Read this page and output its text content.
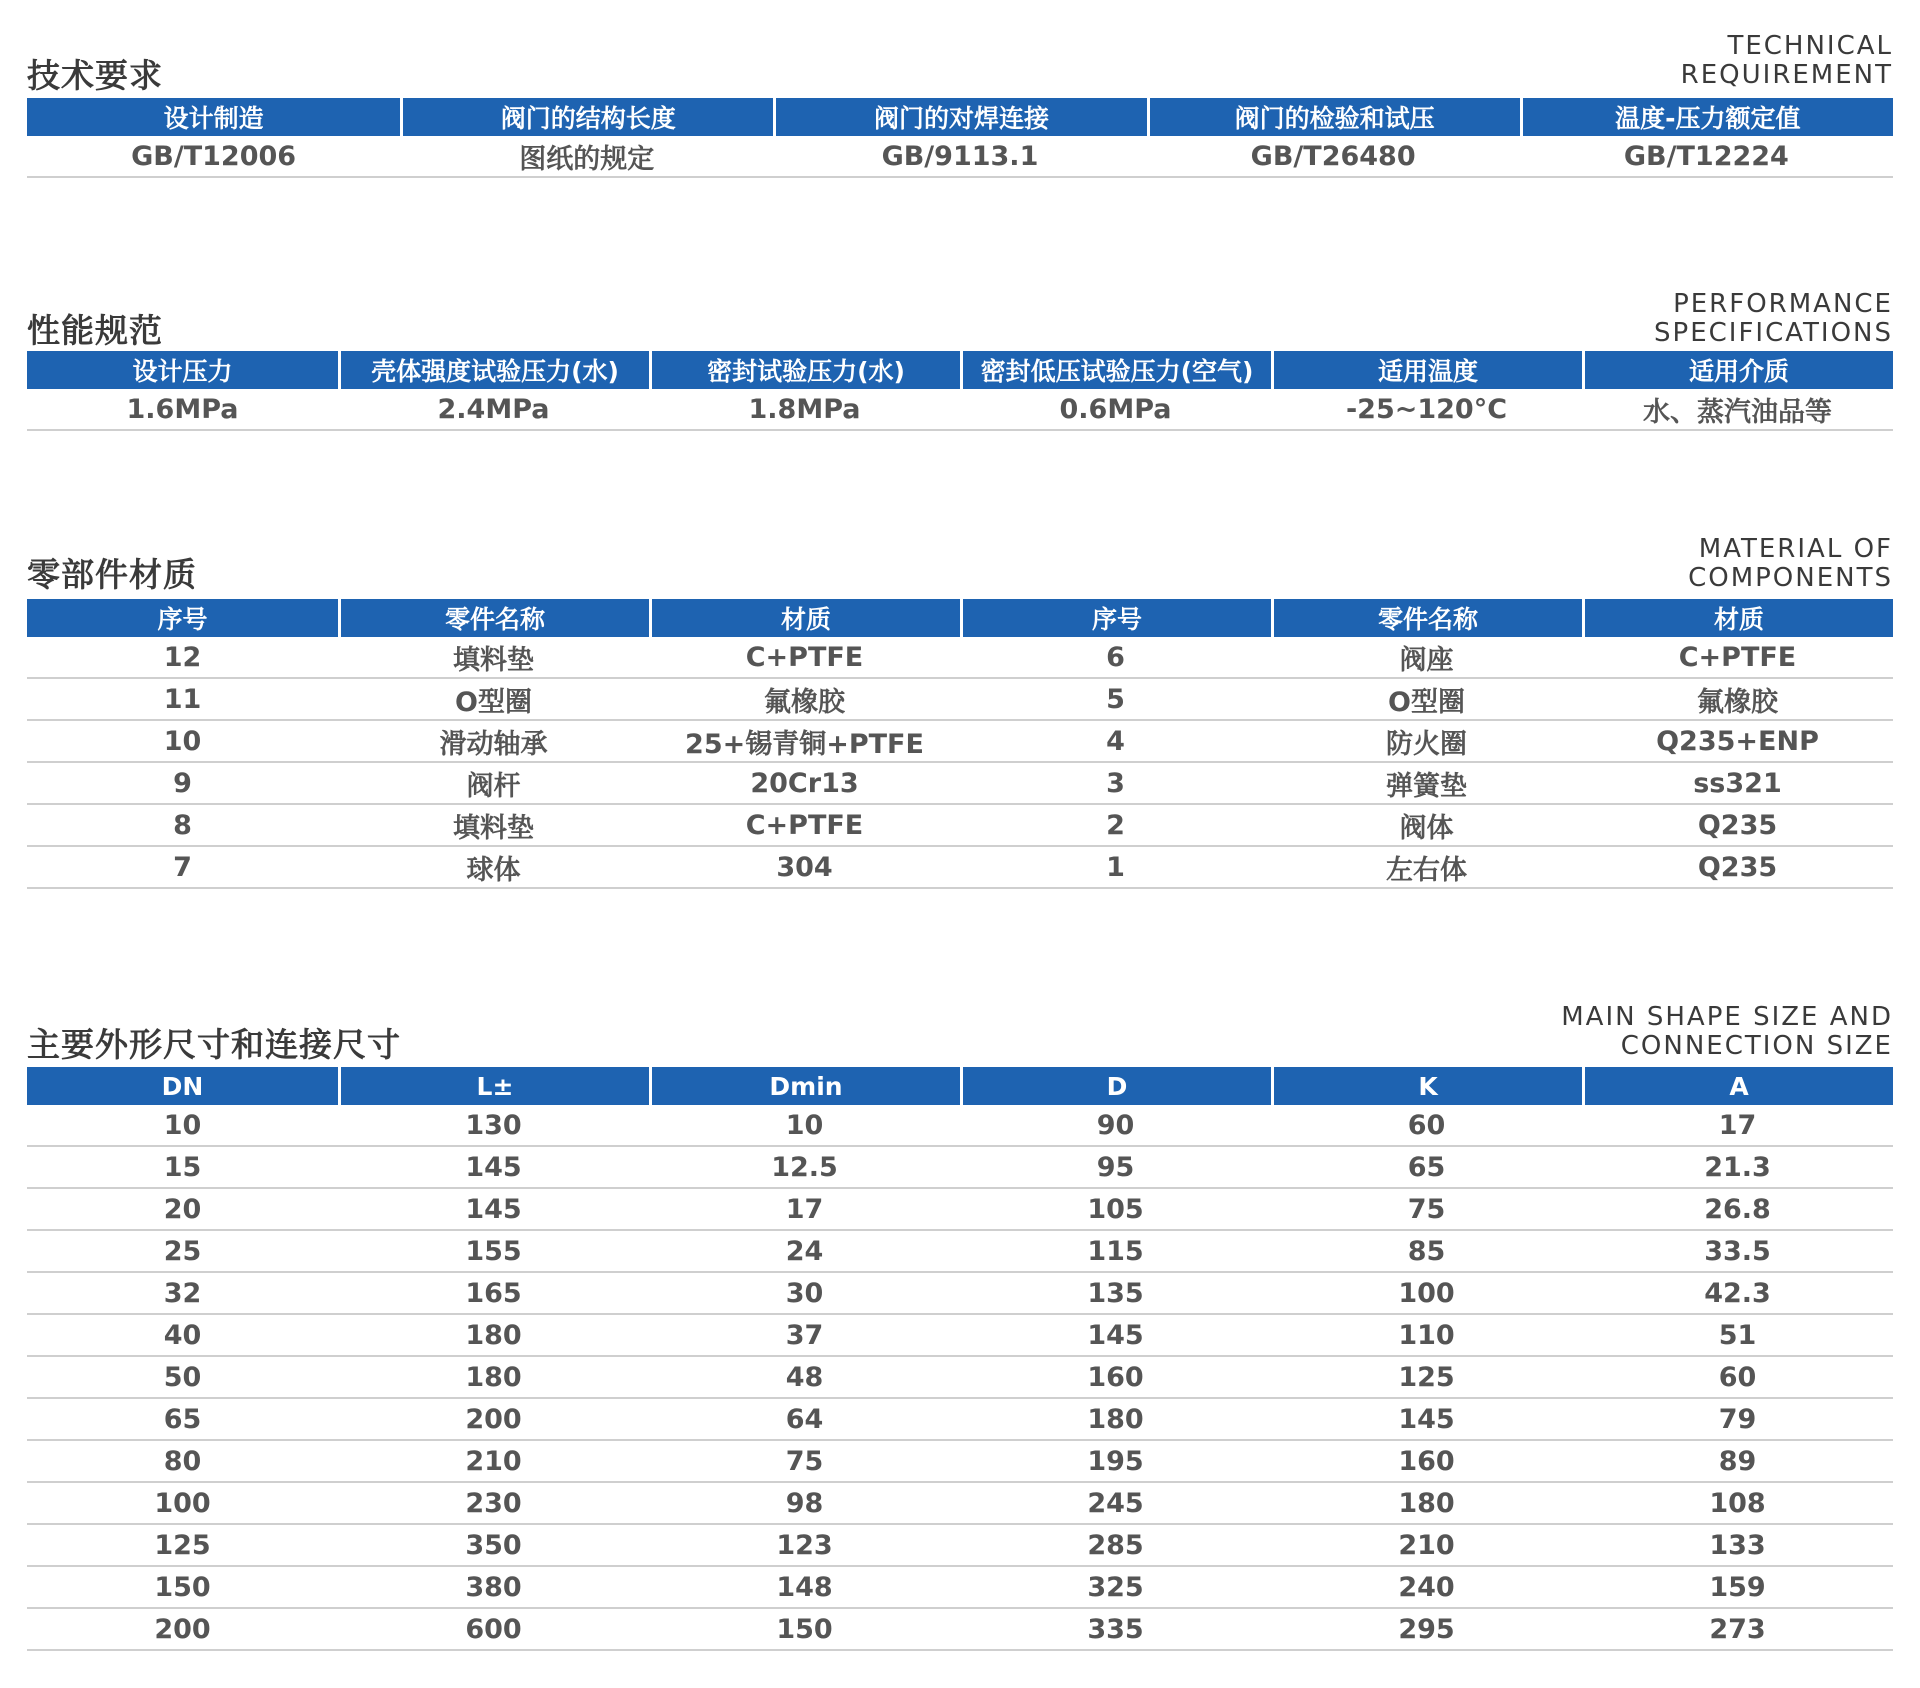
技术要求
TECHNICAL
REQUIREMENT
设计制造	阀门的结构长度	阀门的对焊连接	阀门的检验和试压	温度-压力额定值
GB/T12006	图纸的规定	GB/9113.1	GB/T26480	GB/T12224
性能规范
PERFORMANCE
SPECIFICATIONS
设计压力	壳体强度试验压力(水)	密封试验压力(水)	密封低压试验压力(空气)	适用温度	适用介质
1.6MPa	2.4MPa	1.8MPa	0.6MPa	-25~120°C	水、蒸汽油品等
零部件材质
MATERIAL OF
COMPONENTS
序号	零件名称	材质	序号	零件名称	材质
12	填料垫	C+PTFE	6	阀座	C+PTFE
11	O型圈	氟橡胶	5	O型圈	氟橡胶
10	滑动轴承	25+锡青铜+PTFE	4	防火圈	Q235+ENP
9	阀杆	20Cr13	3	弹簧垫	ss321
8	填料垫	C+PTFE	2	阀体	Q235
7	球体	304	1	左右体	Q235
主要外形尺寸和连接尺寸
MAIN SHAPE SIZE AND
CONNECTION SIZE
DN	L±	Dmin	D	K	A
10	130	10	90	60	17
15	145	12.5	95	65	21.3
20	145	17	105	75	26.8
25	155	24	115	85	33.5
32	165	30	135	100	42.3
40	180	37	145	110	51
50	180	48	160	125	60
65	200	64	180	145	79
80	210	75	195	160	89
100	230	98	245	180	108
125	350	123	285	210	133
150	380	148	325	240	159
200	600	150	335	295	273
